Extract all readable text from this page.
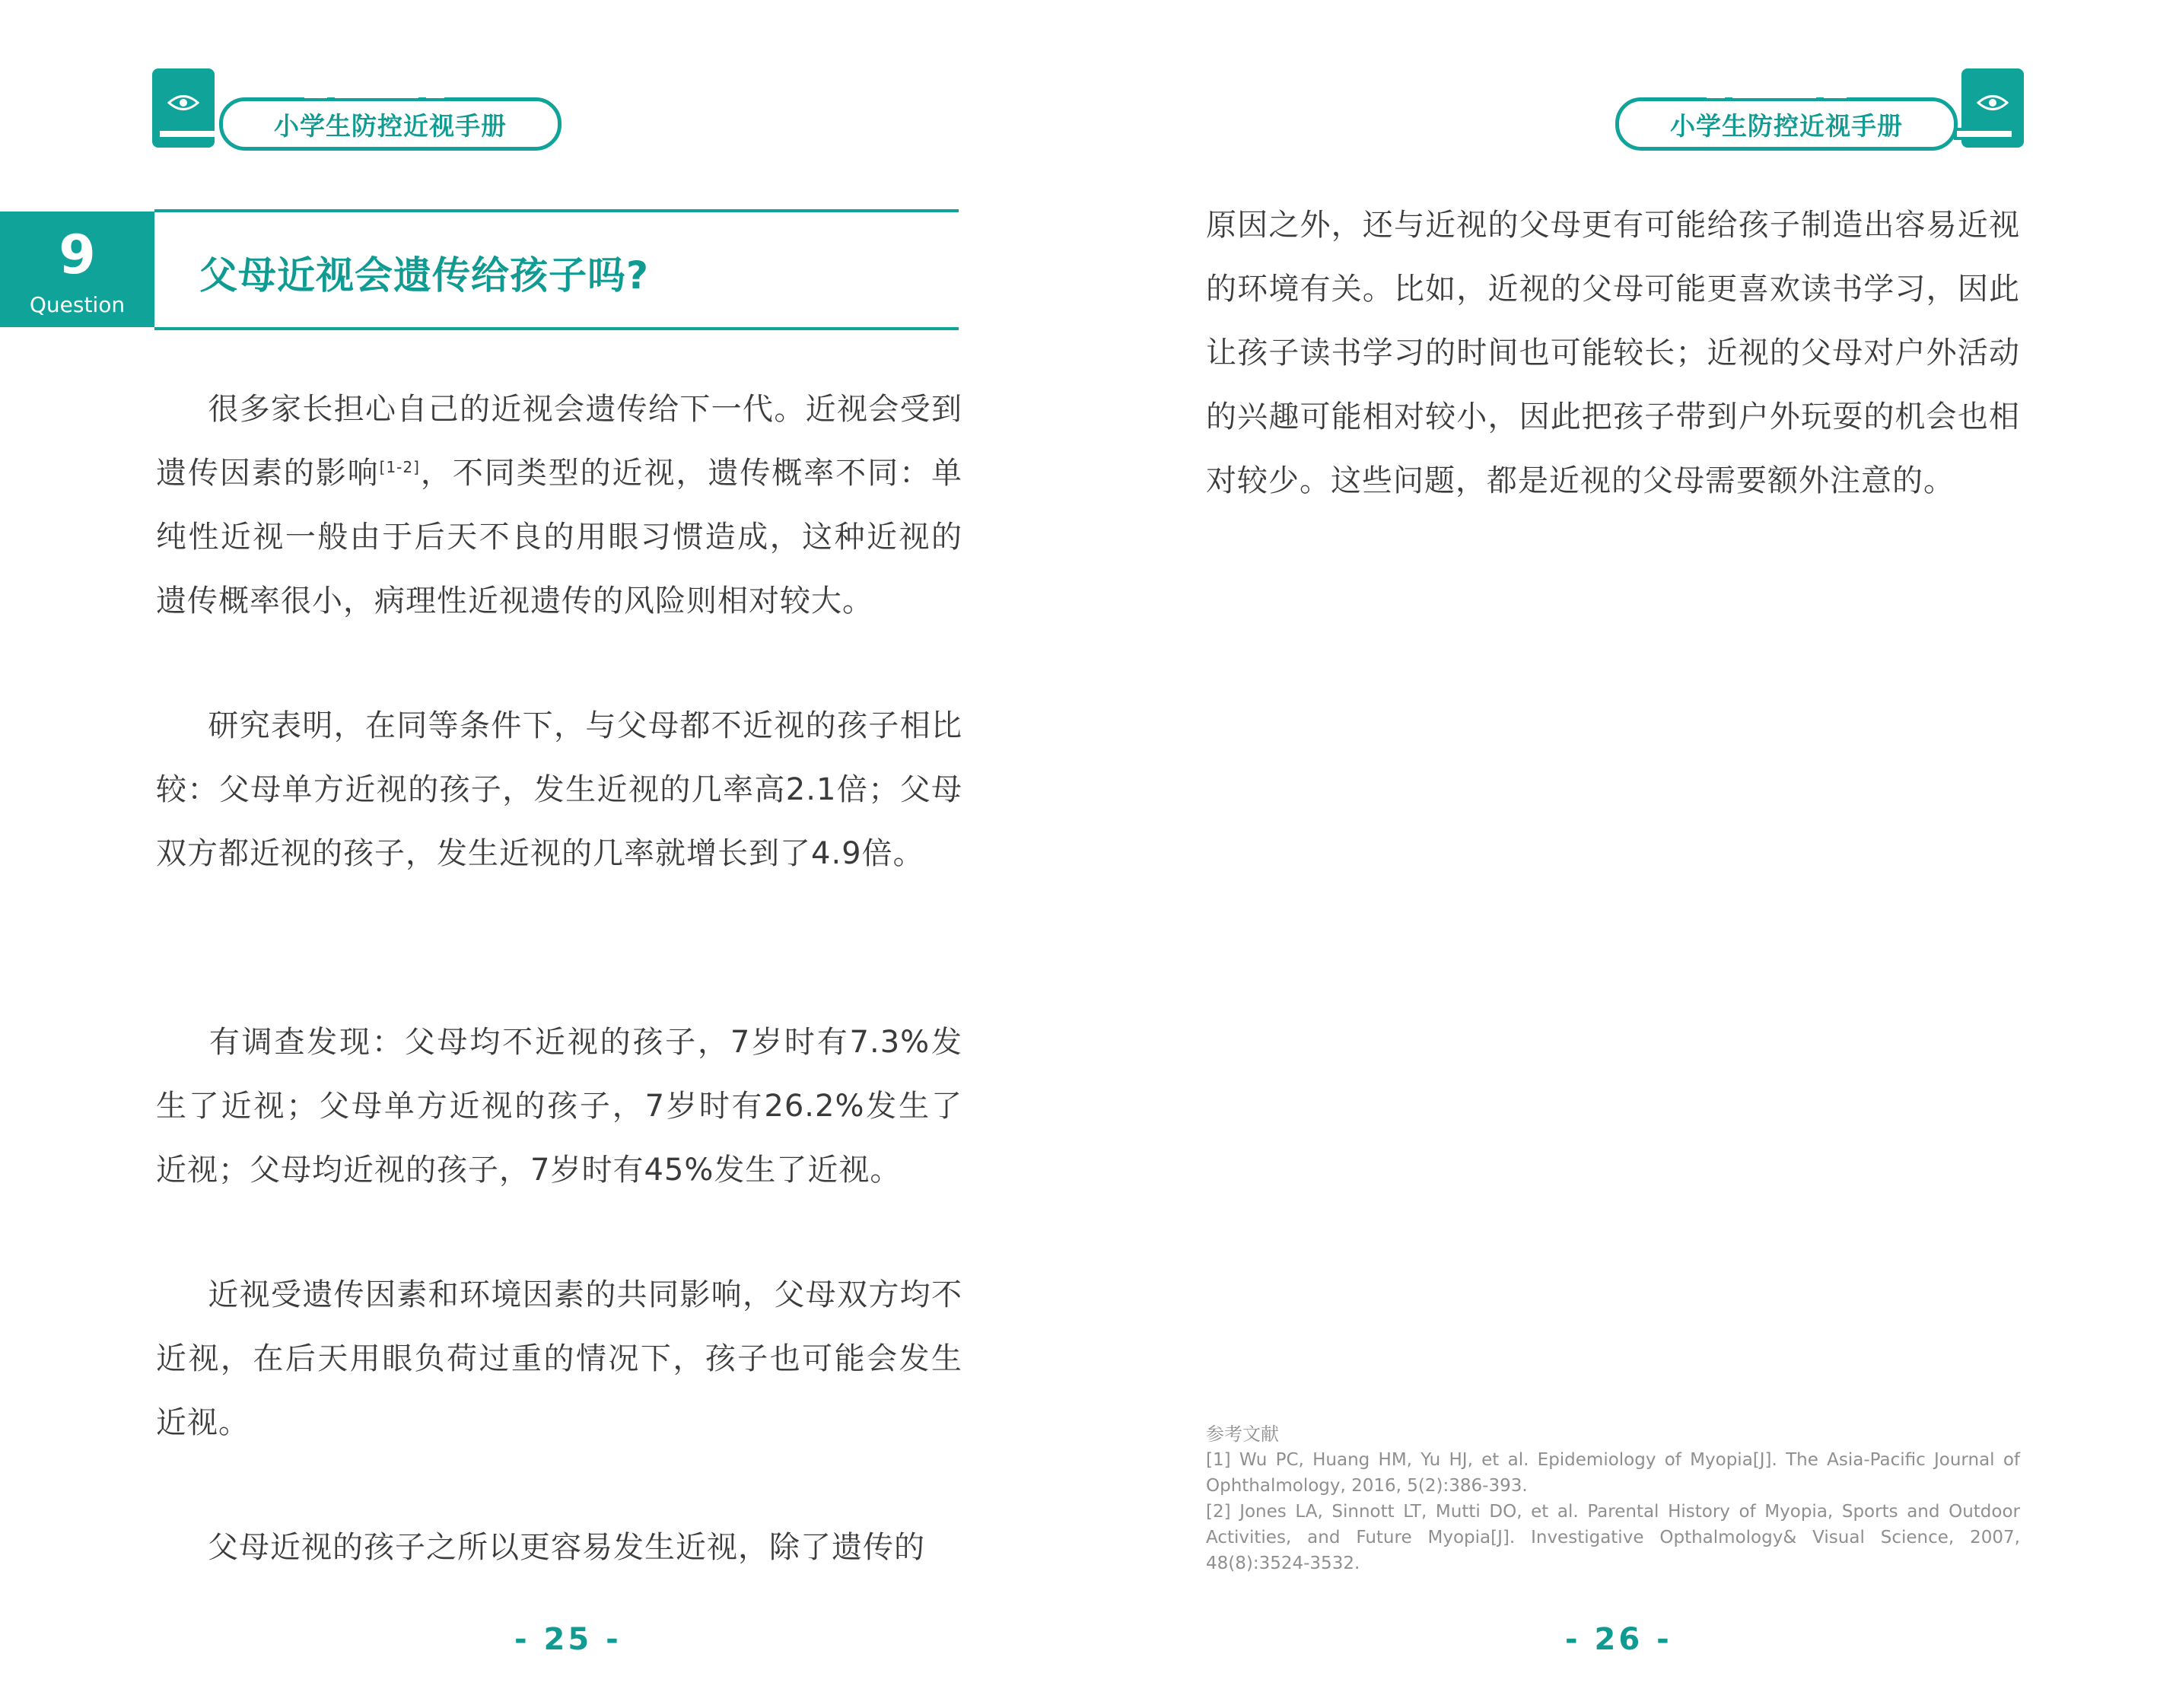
小学生防控近视手册
9
Question
父母近视会遗传给孩子吗?

很多家长担心自己的近视会遗传给下一代。近视会受到遗传因素的影响[1-2]，不同类型的近视，遗传概率不同：单纯性近视一般由于后天不良的用眼习惯造成，这种近视的遗传概率很小，病理性近视遗传的风险则相对较大。

研究表明，在同等条件下，与父母都不近视的孩子相比较：父母单方近视的孩子，发生近视的几率高2.1倍；父母双方都近视的孩子，发生近视的几率就增长到了4.9倍。

有调查发现：父母均不近视的孩子，7岁时有7.3%发生了近视；父母单方近视的孩子，7岁时有26.2%发生了近视；父母均近视的孩子，7岁时有45%发生了近视。

近视受遗传因素和环境因素的共同影响，父母双方均不近视，在后天用眼负荷过重的情况下，孩子也可能会发生近视。

父母近视的孩子之所以更容易发生近视，除了遗传的

- 25 -
小学生防控近视手册

原因之外，还与近视的父母更有可能给孩子制造出容易近视的环境有关。比如，近视的父母可能更喜欢读书学习，因此让孩子读书学习的时间也可能较长；近视的父母对户外活动的兴趣可能相对较小，因此把孩子带到户外玩耍的机会也相对较少。这些问题，都是近视的父母需要额外注意的。

参考文献
[1] Wu PC, Huang HM, Yu HJ, et al. Epidemiology of Myopia[J]. The Asia-Pacific Journal of Ophthalmology, 2016, 5(2):386-393.
[2] Jones LA, Sinnott LT, Mutti DO, et al. Parental History of Myopia, Sports and Outdoor Activities, and Future Myopia[J]. Investigative Opthalmology& Visual Science, 2007, 48(8):3524-3532.
- 26 -
